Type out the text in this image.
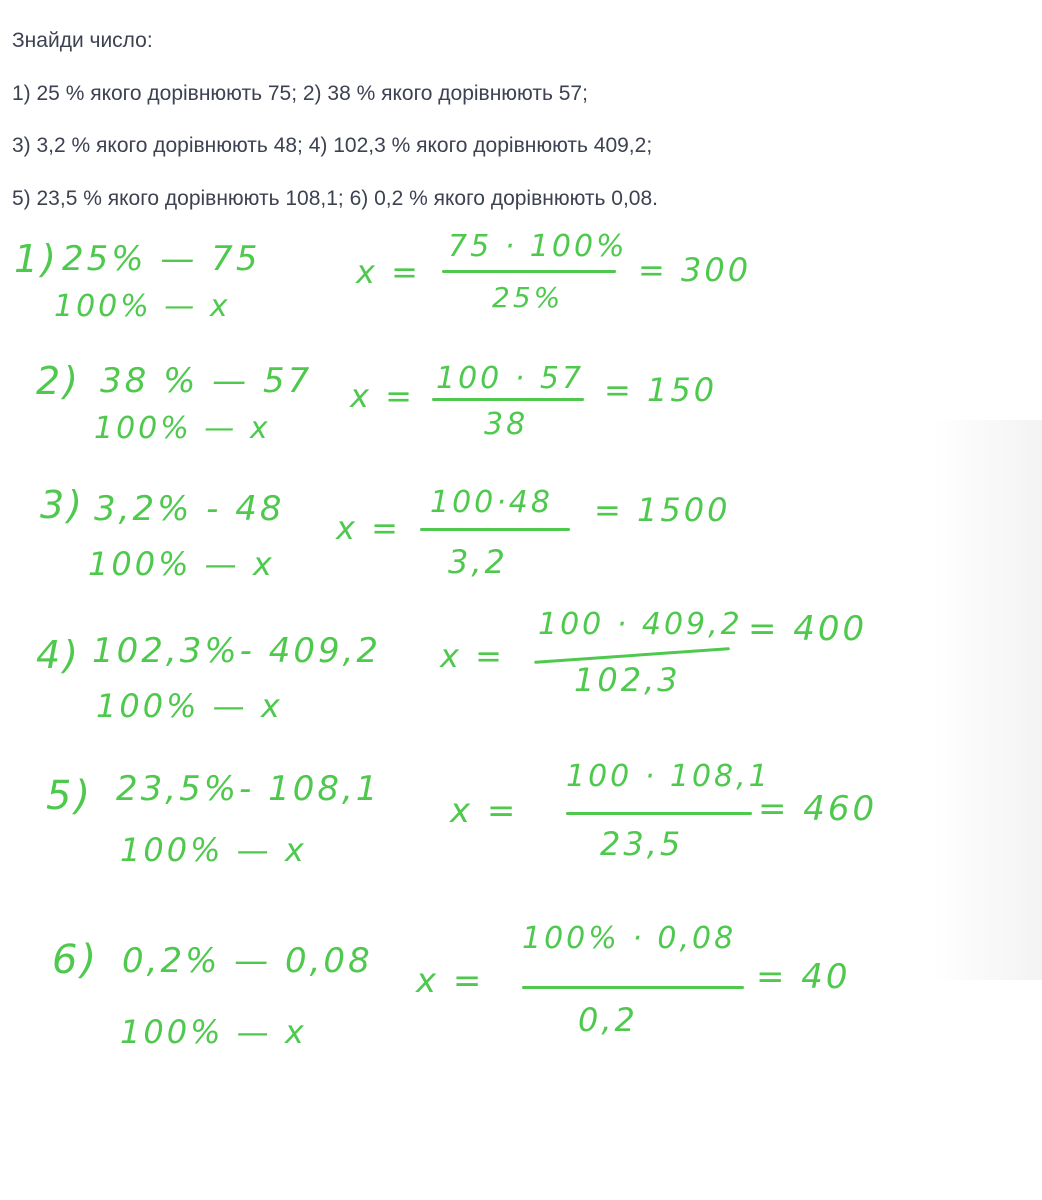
Знайди число:

1) 25 % якого дорівнюють 75; 2) 38 % якого дорівнюють 57;

3) 3,2 % якого дорівнюють 48; 4) 102,3 % якого дорівнюють 409,2;

5) 23,5 % якого дорівнюють 108,1; 6) 0,2 % якого дорівнюють 0,08.

1) 25% — 75
100% — x
x =
75 · 100%
25%
= 300
2) 38 % — 57
100% — x
x = 100 · 57
38
= 150
3) 3,2% - 48
100% — x
x =
100·48
3,2
= 1500
4) 102,3%- 409,2
100% — x
x =
100 · 409,2
102,3
= 400
5) 23,5%- 108,1
100% — x
x =
100 · 108,1
23,5
= 460
6) 0,2% — 0,08
100% — x
x =
100% · 0,08
0,2
= 40
